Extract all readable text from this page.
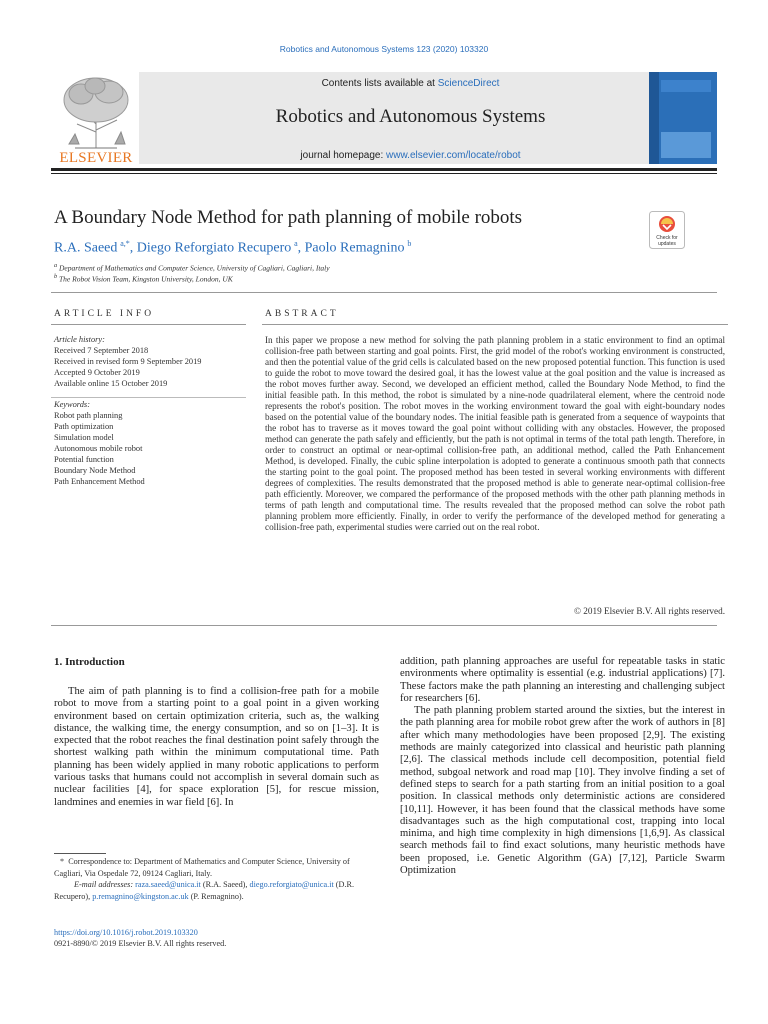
Robotics and Autonomous Systems 123 (2020) 103320
ELSEVIER
Contents lists available at ScienceDirect
Robotics and Autonomous Systems
journal homepage: www.elsevier.com/locate/robot
A Boundary Node Method for path planning of mobile robots
R.A. Saeed  $^{a,*}$, Diego Reforgiato Recupero  $^a$, Paolo Remagnino  $^b$
Check for
updates
$^a$ Department of Mathematics and Computer Science, University of Cagliari, Cagliari, Italy
$^b$ The Robot Vision Team, Kingston University, London, UK
ARTICLE INFO	ABSTRACT
Article history:
Received 7 September 2018
Received in revised form 9 September 2019
Accepted 9 October 2019
Available online 15 October 2019
Keywords:
Robot path planning
Path optimization
Simulation model
Autonomous mobile robot
Potential function
Boundary Node Method
Path Enhancement Method
In this paper we propose a new method for solving the path planning problem in a static environment to find an optimal collision-free path between starting and goal points. First, the grid model of the robot's working environment is constructed, and then the potential value of the grid cells is calculated based on the new proposed potential function. This function is used to guide the robot to move toward the desired goal, it has the lowest value at the goal position and the value is increased as the robot moves further away. Second, we developed an efficient method, called the Boundary Node Method, to find the initial feasible path. In this method, the robot is simulated by a nine-node quadrilateral element, where the centroid node represents the robot's position. The robot moves in the working environment toward the goal with eight-boundary nodes based on the potential value of the boundary nodes. The initial feasible path is generated from a sequence of waypoints that the robot has to traverse as it moves toward the goal point without colliding with any obstacles. However, the proposed method can generate the path safely and efficiently, but the path is not optimal in terms of the total path length. Therefore, in order to construct an optimal or near-optimal collision-free path, an additional method, called the Path Enhancement Method, is developed. Finally, the cubic spline interpolation is adopted to generate a continuous smooth path that connects the starting point to the goal point. The proposed method has been tested in several working environments with different degrees of complexities. The results demonstrated that the proposed method is able to generate near-optimal collision-free path efficiently. Moreover, we compared the performance of the proposed methods with the other path planning methods in terms of path length and computational time. The results revealed that the proposed method can solve the robot path planning problem more efficiently. Finally, in order to verify the performance of the developed method for generating a collision-free path, experimental studies were carried out on the real robot.
© 2019 Elsevier B.V. All rights reserved.
1. Introduction

The aim of path planning is to find a collision-free path for a mobile robot to move from a starting point to a goal point in a given working environment based on certain optimization criteria, such as, the walking distance, the walking time, the energy consumption, and so on [1–3]. It is expected that the robot reaches the final destination point safely through the shortest walking path within the minimum computational time. Path planning has been widely applied in many robotic applications to perform various tasks that humans could not accomplish in several domain such as nuclear facilities [4], for space exploration [5], for rescue mission, landmines and enemies in war field [6]. In

addition, path planning approaches are useful for repeatable tasks in static environments where optimality is essential (e.g. industrial applications) [7]. These factors make the path planning an interesting and challenging subject for researchers [6].

The path planning problem started around the sixties, but the interest in the path planning area for mobile robot grew after the work of authors in [8] after which many methodologies have been proposed [2,9]. The existing methods are mainly categorized into classical and heuristic path planning [2,6]. The classical methods include cell decomposition, potential field method, subgoal network and road map [10]. They involve finding a set of defined steps to search for a path starting from an initial position to a goal position. In classical methods only deterministic actions are considered [10,11]. However, it has been found that the classical methods have some disadvantages such as the high computational cost, trapping into local minima, and high time complexity in high dimensions [1,6,9]. As classical search methods fail to find exact solutions, many heuristic methods have been proposed, i.e. Genetic Algorithm (GA) [7,12], Particle Swarm Optimization

* Correspondence to: Department of Mathematics and Computer Science, University of Cagliari, Via Ospedale 72, 09124 Cagliari, Italy.
E-mail addresses: raza.saeed@unica.it (R.A. Saeed), diego.reforgiato@unica.it (D.R. Recupero), p.remagnino@kingston.ac.uk (P. Remagnino).
https://doi.org/10.1016/j.robot.2019.103320
0921-8890/© 2019 Elsevier B.V. All rights reserved.
